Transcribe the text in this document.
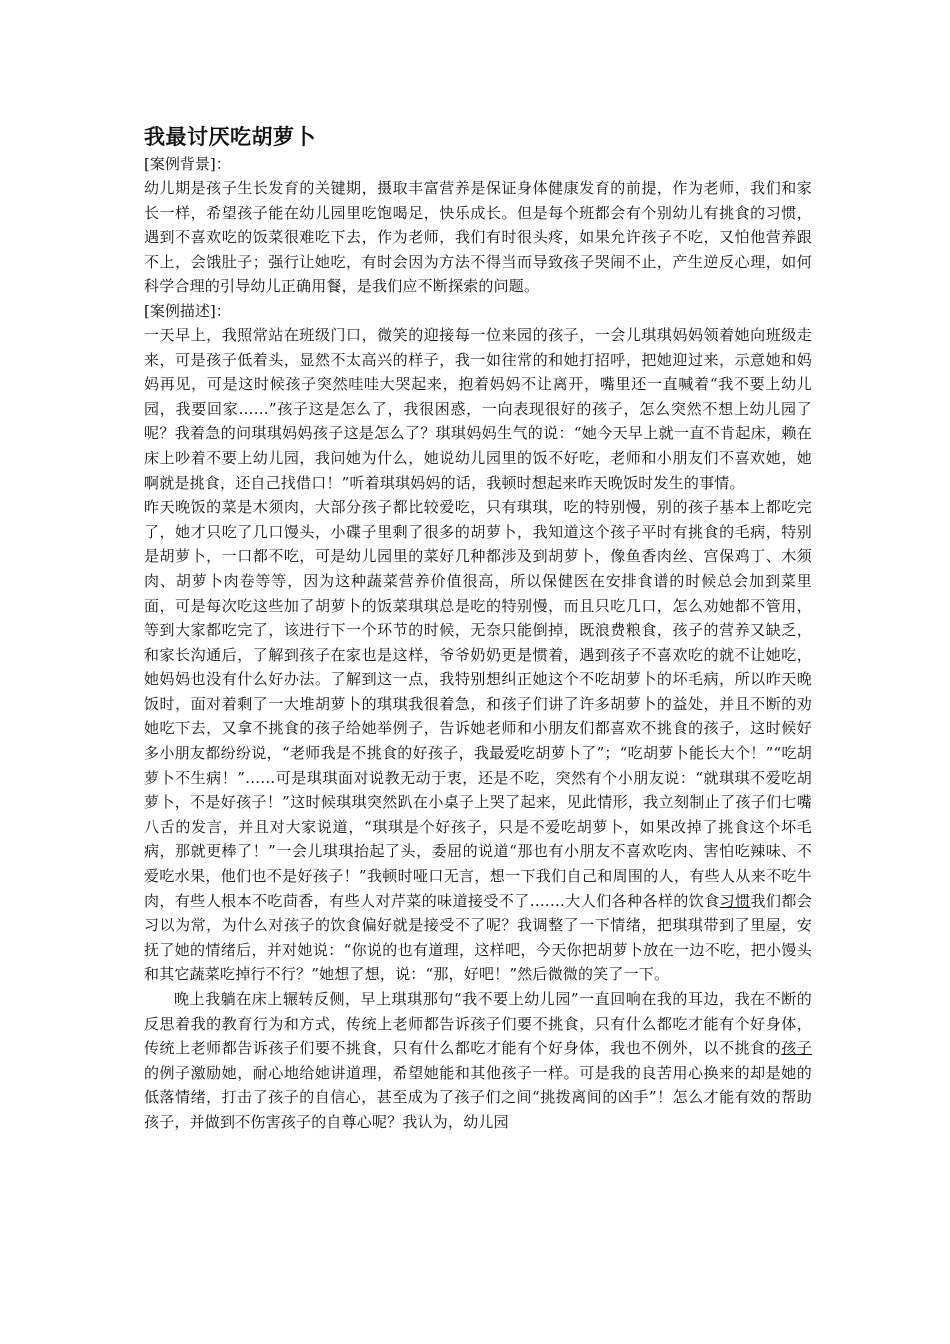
我最讨厌吃胡萝卜

[案例背景]：

幼儿期是孩子生长发育的关键期，摄取丰富营养是保证身体健康发育的前提，作为老师，我们和家长一样，希望孩子能在幼儿园里吃饱喝足，快乐成长。但是每个班都会有个别幼儿有挑食的习惯，遇到不喜欢吃的饭菜很难吃下去，作为老师，我们有时很头疼，如果允许孩子不吃，又怕他营养跟不上，会饿肚子；强行让她吃，有时会因为方法不得当而导致孩子哭闹不止，产生逆反心理，如何科学合理的引导幼儿正确用餐，是我们应不断探索的问题。

[案例描述]：

一天早上，我照常站在班级门口，微笑的迎接每一位来园的孩子，一会儿琪琪妈妈领着她向班级走来，可是孩子低着头，显然不太高兴的样子，我一如往常的和她打招呼，把她迎过来，示意她和妈妈再见，可是这时候孩子突然哇哇大哭起来，抱着妈妈不让离开，嘴里还一直喊着“我不要上幼儿园，我要回家……”孩子这是怎么了，我很困惑，一向表现很好的孩子，怎么突然不想上幼儿园了呢？我着急的问琪琪妈妈孩子这是怎么了？琪琪妈妈生气的说：“她今天早上就一直不肯起床，赖在床上吵着不要上幼儿园，我问她为什么，她说幼儿园里的饭不好吃，老师和小朋友们不喜欢她，她啊就是挑食，还自己找借口！”听着琪琪妈妈的话，我顿时想起来昨天晚饭时发生的事情。

昨天晚饭的菜是木须肉，大部分孩子都比较爱吃，只有琪琪，吃的特别慢，别的孩子基本上都吃完了，她才只吃了几口馒头，小碟子里剩了很多的胡萝卜，我知道这个孩子平时有挑食的毛病，特别是胡萝卜，一口都不吃，可是幼儿园里的菜好几种都涉及到胡萝卜，像鱼香肉丝、宫保鸡丁、木须肉、胡萝卜肉卷等等，因为这种蔬菜营养价值很高，所以保健医在安排食谱的时候总会加到菜里面，可是每次吃这些加了胡萝卜的饭菜琪琪总是吃的特别慢，而且只吃几口，怎么劝她都不管用，等到大家都吃完了，该进行下一个环节的时候，无奈只能倒掉，既浪费粮食，孩子的营养又缺乏，和家长沟通后，了解到孩子在家也是这样，爷爷奶奶更是惯着，遇到孩子不喜欢吃的就不让她吃，她妈妈也没有什么好办法。了解到这一点，我特别想纠正她这个不吃胡萝卜的坏毛病，所以昨天晚饭时，面对着剩了一大堆胡萝卜的琪琪我很着急，和孩子们讲了许多胡萝卜的益处，并且不断的劝她吃下去，又拿不挑食的孩子给她举例子，告诉她老师和小朋友们都喜欢不挑食的孩子，这时候好多小朋友都纷纷说，“老师我是不挑食的好孩子，我最爱吃胡萝卜了”；“吃胡萝卜能长大个！”“吃胡萝卜不生病！”……可是琪琪面对说教无动于衷，还是不吃，突然有个小朋友说：“就琪琪不爱吃胡萝卜，不是好孩子！”这时候琪琪突然趴在小桌子上哭了起来，见此情形，我立刻制止了孩子们七嘴八舌的发言，并且对大家说道，“琪琪是个好孩子，只是不爱吃胡萝卜，如果改掉了挑食这个坏毛病，那就更棒了！”一会儿琪琪抬起了头，委屈的说道“那也有小朋友不喜欢吃肉、害怕吃辣味、不爱吃水果，他们也不是好孩子！”我顿时哑口无言，想一下我们自己和周围的人，有些人从来不吃牛肉，有些人根本不吃茴香，有些人对芹菜的味道接受不了.……大人们各种各样的饮食习惯我们都会习以为常，为什么对孩子的饮食偏好就是接受不了呢？我调整了一下情绪，把琪琪带到了里屋，安抚了她的情绪后，并对她说：“你说的也有道理，这样吧，今天你把胡萝卜放在一边不吃，把小馒头和其它蔬菜吃掉行不行？”她想了想，说：“那，好吧！”然后微微的笑了一下。

晚上我躺在床上辗转反侧，早上琪琪那句“我不要上幼儿园”一直回响在我的耳边，我在不断的反思着我的教育行为和方式，传统上老师都告诉孩子们要不挑食，只有什么都吃才能有个好身体，传统上老师都告诉孩子们要不挑食，只有什么都吃才能有个好身体，我也不例外，以不挑食的孩子的例子激励她，耐心地给她讲道理，希望她能和其他孩子一样。可是我的良苦用心换来的却是她的低落情绪，打击了孩子的自信心，甚至成为了孩子们之间“挑拨离间的凶手”！怎么才能有效的帮助孩子，并做到不伤害孩子的自尊心呢？我认为，幼儿园
